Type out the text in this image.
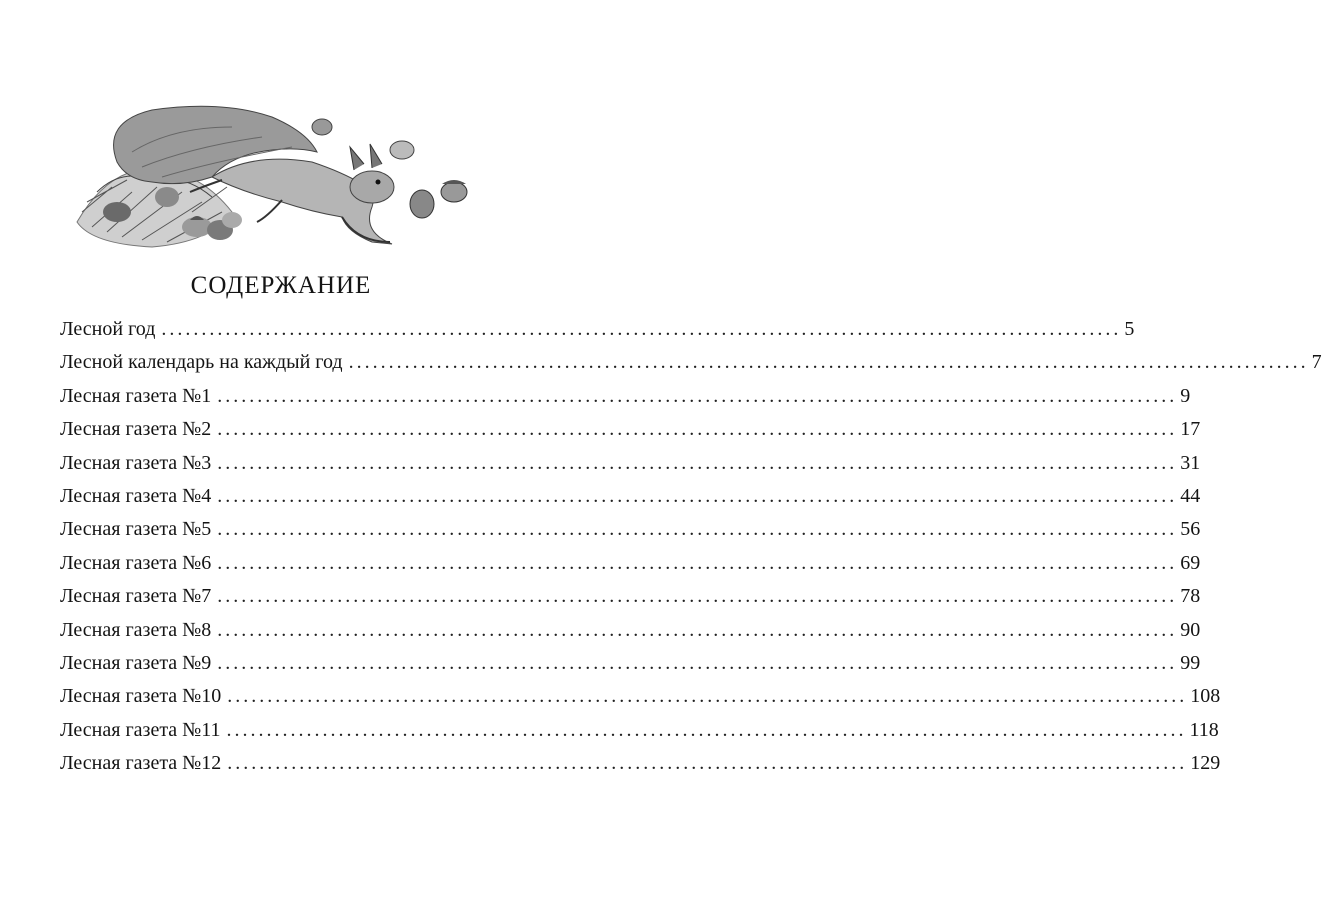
СОДЕРЖАНИЕ
Лесной год ........................................................................................................................ 5
Лесной календарь на каждый год ........................................................................................................................ 7
Лесная газета №1 ........................................................................................................................ 9
Лесная газета №2 ........................................................................................................................ 17
Лесная газета №3 ........................................................................................................................ 31
Лесная газета №4 ........................................................................................................................ 44
Лесная газета №5 ........................................................................................................................ 56
Лесная газета №6 ........................................................................................................................ 69
Лесная газета №7 ........................................................................................................................ 78
Лесная газета №8 ........................................................................................................................ 90
Лесная газета №9 ........................................................................................................................ 99
Лесная газета №10 ........................................................................................................................ 108
Лесная газета №11 ........................................................................................................................ 118
Лесная газета №12 ........................................................................................................................ 129
